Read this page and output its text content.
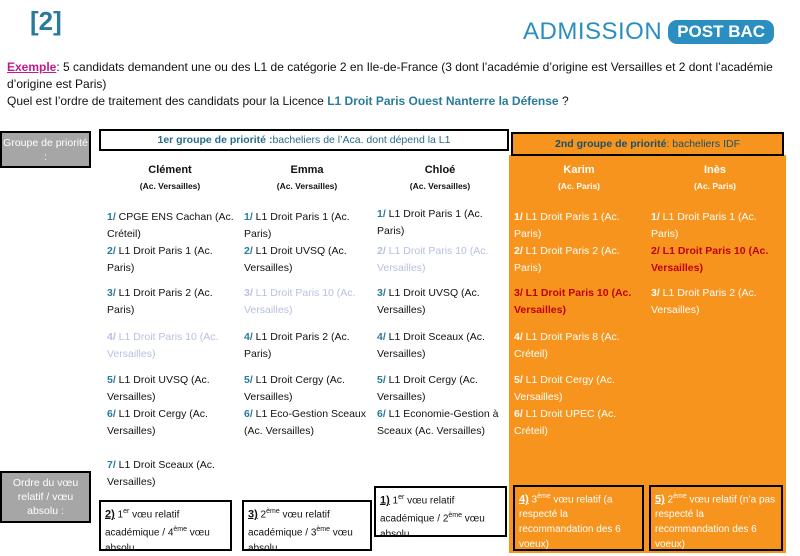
[2]	ADMISSION POST BAC
Exemple: 5 candidats demandent une ou des L1 de catégorie 2 en Ile-de-France (3 dont l’académie d’origine est Versailles et 2 dont l’académie d’origine est Paris)
Quel est l’ordre de traitement des candidats pour la Licence L1 Droit Paris Ouest Nanterre la Défense ?
Groupe de priorité :
Ordre du vœu relatif / vœu absolu :
1er groupe de priorité : bacheliers de l’Aca. dont dépend la L1	2nd groupe de priorité : bacheliers IDF
Clément
(Ac. Versailles)
Emma
(Ac. Versailles)
Chloé
(Ac. Versailles)
Karim
(Ac. Paris)
Inès
(Ac. Paris)
1/ CPGE ENS Cachan (Ac. Créteil)
2/ L1 Droit Paris 1 (Ac. Paris)
3/ L1 Droit Paris 2 (Ac. Paris)
4/ L1 Droit Paris 10 (Ac. Versailles)
5/ L1 Droit UVSQ (Ac. Versailles)
6/ L1 Droit Cergy (Ac. Versailles)
7/ L1 Droit Sceaux (Ac. Versailles)
1/ L1 Droit Paris 1 (Ac. Paris)
2/ L1 Droit UVSQ (Ac. Versailles)
3/ L1 Droit Paris 10 (Ac. Versailles)
4/ L1 Droit Paris 2 (Ac. Paris)
5/ L1 Droit Cergy (Ac. Versailles)
6/ L1 Eco-Gestion Sceaux (Ac. Versailles)
1/ L1 Droit Paris 1 (Ac. Paris)
2/ L1 Droit Paris 10 (Ac. Versailles)
3/ L1 Droit UVSQ (Ac. Versailles)
4/ L1 Droit Sceaux (Ac. Versailles)
5/ L1 Droit Cergy (Ac. Versailles)
6/ L1 Economie-Gestion à Sceaux (Ac. Versailles)
1/ L1 Droit Paris 1 (Ac. Paris)
2/ L1 Droit Paris 2 (Ac. Paris)
3/ L1 Droit Paris 10 (Ac. Versailles)
4/ L1 Droit Paris 8 (Ac. Créteil)
5/ L1 Droit Cergy (Ac. Versailles)
6/ L1 Droit UPEC (Ac. Créteil)
1/ L1 Droit Paris 1 (Ac. Paris)
2/ L1 Droit Paris 10 (Ac. Versailles)
3/ L1 Droit Paris 2 (Ac. Versailles)
2) 1er vœu relatif académique / 4ème vœu absolu
3) 2ème vœu relatif académique / 3ème vœu absolu
1) 1er vœu relatif académique / 2ème vœu absolu
4) 3ème vœu relatif (a respecté la recommandation des 6 voeux)
5) 2ème vœu relatif (n’a pas respecté la recommandation des 6 voeux)
